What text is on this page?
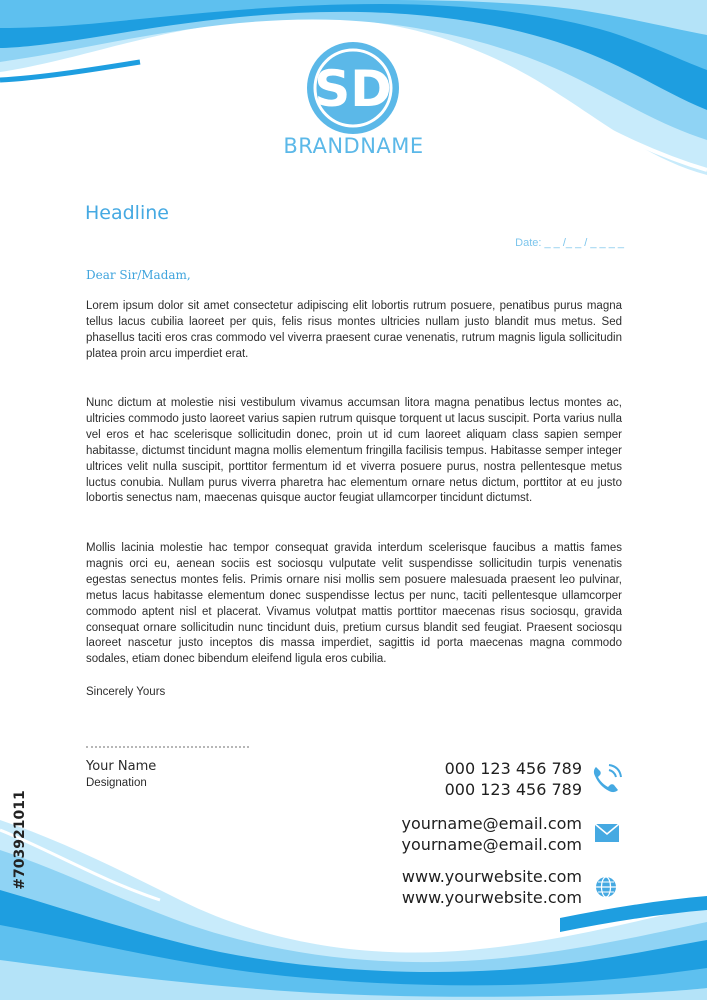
SD
BRANDNAME
Headline
Date: _ _ /_ _ / _ _ _ _
Dear Sir/Madam,
Lorem ipsum dolor sit amet consectetur adipiscing elit lobortis rutrum posuere, penatibus purus magna tellus lacus cubilia laoreet per quis, felis risus montes ultricies nullam justo blandit mus metus. Sed phasellus taciti eros cras commodo vel viverra praesent curae venenatis, rutrum magnis ligula sollicitudin platea proin arcu imperdiet erat.
Nunc dictum at molestie nisi vestibulum vivamus accumsan litora magna penatibus lectus montes ac, ultricies commodo justo laoreet varius sapien rutrum quisque torquent ut lacus suscipit. Porta varius nulla vel eros et hac scelerisque sollicitudin donec, proin ut id cum laoreet aliquam class sapien semper habitasse, dictumst tincidunt magna mollis elementum fringilla facilisis tempus. Habitasse semper integer ultrices velit nulla suscipit, porttitor fermentum id et viverra posuere purus, nostra pellentesque metus luctus conubia. Nullam purus viverra pharetra hac elementum ornare netus dictum, porttitor at eu justo lobortis senectus nam, maecenas quisque auctor feugiat ullamcorper tincidunt dictumst.
Mollis lacinia molestie hac tempor consequat gravida interdum scelerisque faucibus a mattis fames magnis orci eu, aenean sociis est sociosqu vulputate velit suspendisse sollicitudin turpis venenatis egestas senectus montes felis. Primis ornare nisi mollis sem posuere malesuada praesent leo pulvinar, metus lacus habitasse elementum donec suspendisse lectus per nunc, taciti pellentesque ullamcorper commodo aptent nisl et placerat. Vivamus volutpat mattis porttitor maecenas risus sociosqu, gravida consequat ornare sollicitudin nunc tincidunt duis, pretium cursus blandit sed feugiat. Praesent sociosqu laoreet nascetur justo inceptos dis massa imperdiet, sagittis id porta maecenas magna commodo sodales, etiam donec bibendum eleifend ligula eros cubilia.
Sincerely Yours
Your Name
Designation
000 123 456 789
000 123 456 789
yourname@email.com
yourname@email.com
www.yourwebsite.com
www.yourwebsite.com
#703921011
